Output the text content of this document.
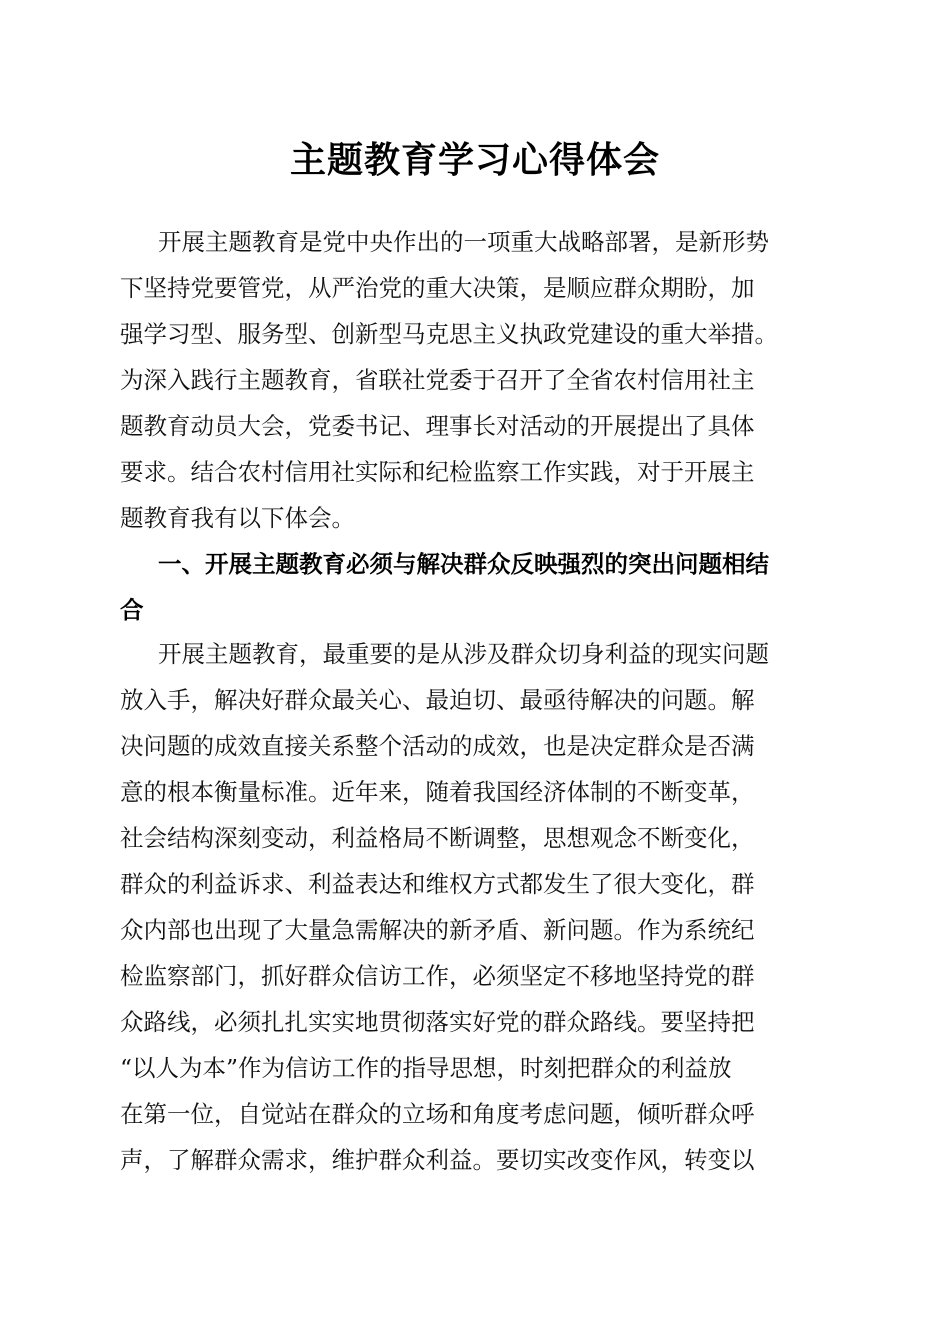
主题教育学习心得体会
开展主题教育是党中央作出的一项重大战略部署，是新形势
下坚持党要管党，从严治党的重大决策，是顺应群众期盼，加
强学习型、服务型、创新型马克思主义执政党建设的重大举措。
为深入践行主题教育，省联社党委于召开了全省农村信用社主
题教育动员大会，党委书记、理事长对活动的开展提出了具体
要求。结合农村信用社实际和纪检监察工作实践，对于开展主
题教育我有以下体会。
一、开展主题教育必须与解决群众反映强烈的突出问题相结
合
开展主题教育，最重要的是从涉及群众切身利益的现实问题
放入手，解决好群众最关心、最迫切、最亟待解决的问题。解
决问题的成效直接关系整个活动的成效，也是决定群众是否满
意的根本衡量标准。近年来，随着我国经济体制的不断变革，
社会结构深刻变动，利益格局不断调整，思想观念不断变化，
群众的利益诉求、利益表达和维权方式都发生了很大变化，群
众内部也出现了大量急需解决的新矛盾、新问题。作为系统纪
检监察部门，抓好群众信访工作，必须坚定不移地坚持党的群
众路线，必须扎扎实实地贯彻落实好党的群众路线。要坚持把
“以人为本”作为信访工作的指导思想，时刻把群众的利益放
在第一位，自觉站在群众的立场和角度考虑问题，倾听群众呼
声，了解群众需求，维护群众利益。要切实改变作风，转变以
